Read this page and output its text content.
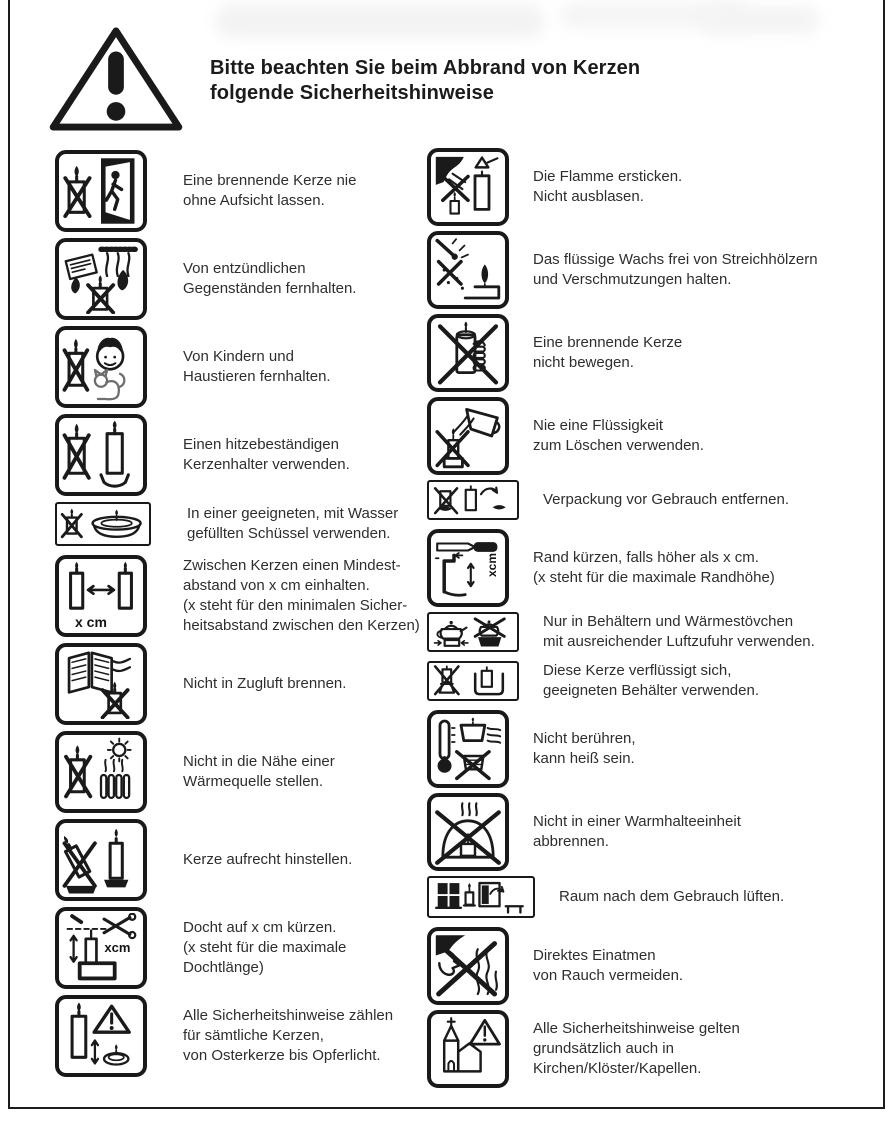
Bitte beachten Sie beim Abbrand von Kerzen
folgende Sicherheitshinweise
Eine brennende Kerze nie
ohne Aufsicht lassen.
Von entzündlichen
Gegenständen fernhalten.
Von Kindern und
Haustieren fernhalten.
Einen hitzebeständigen
Kerzenhalter verwenden.
In einer geeigneten, mit Wasser
gefüllten Schüssel verwenden.
x cm
Zwischen Kerzen einen Mindest-
abstand von x cm einhalten.
(x steht für den minimalen Sicher-
heitsabstand zwischen den Kerzen)
Nicht in Zugluft brennen.
Nicht in die Nähe einer
Wärmequelle stellen.
Kerze aufrecht hinstellen.
xcm
Docht auf x cm kürzen.
(x steht für die maximale
Dochtlänge)
Alle Sicherheitshinweise zählen
für sämtliche Kerzen,
von Osterkerze bis Opferlicht.
Die Flamme ersticken.
Nicht ausblasen.
Das flüssige Wachs frei von Streichhölzern
und Verschmutzungen halten.
Eine brennende Kerze
nicht bewegen.
Nie eine Flüssigkeit
zum Löschen verwenden.
Verpackung vor Gebrauch entfernen.
xcm Rand kürzen, falls höher als x cm.
(x steht für die maximale Randhöhe)
Nur in Behältern und Wärmestövchen
mit ausreichender Luftzufuhr verwenden.
Diese Kerze verflüssigt sich,
geeigneten Behälter verwenden.
Nicht berühren,
kann heiß sein.
Nicht in einer Warmhalteeinheit
abbrennen.
Raum nach dem Gebrauch lüften.
Direktes Einatmen
von Rauch vermeiden.
Alle Sicherheitshinweise gelten
grundsätzlich auch in
Kirchen/Klöster/Kapellen.
